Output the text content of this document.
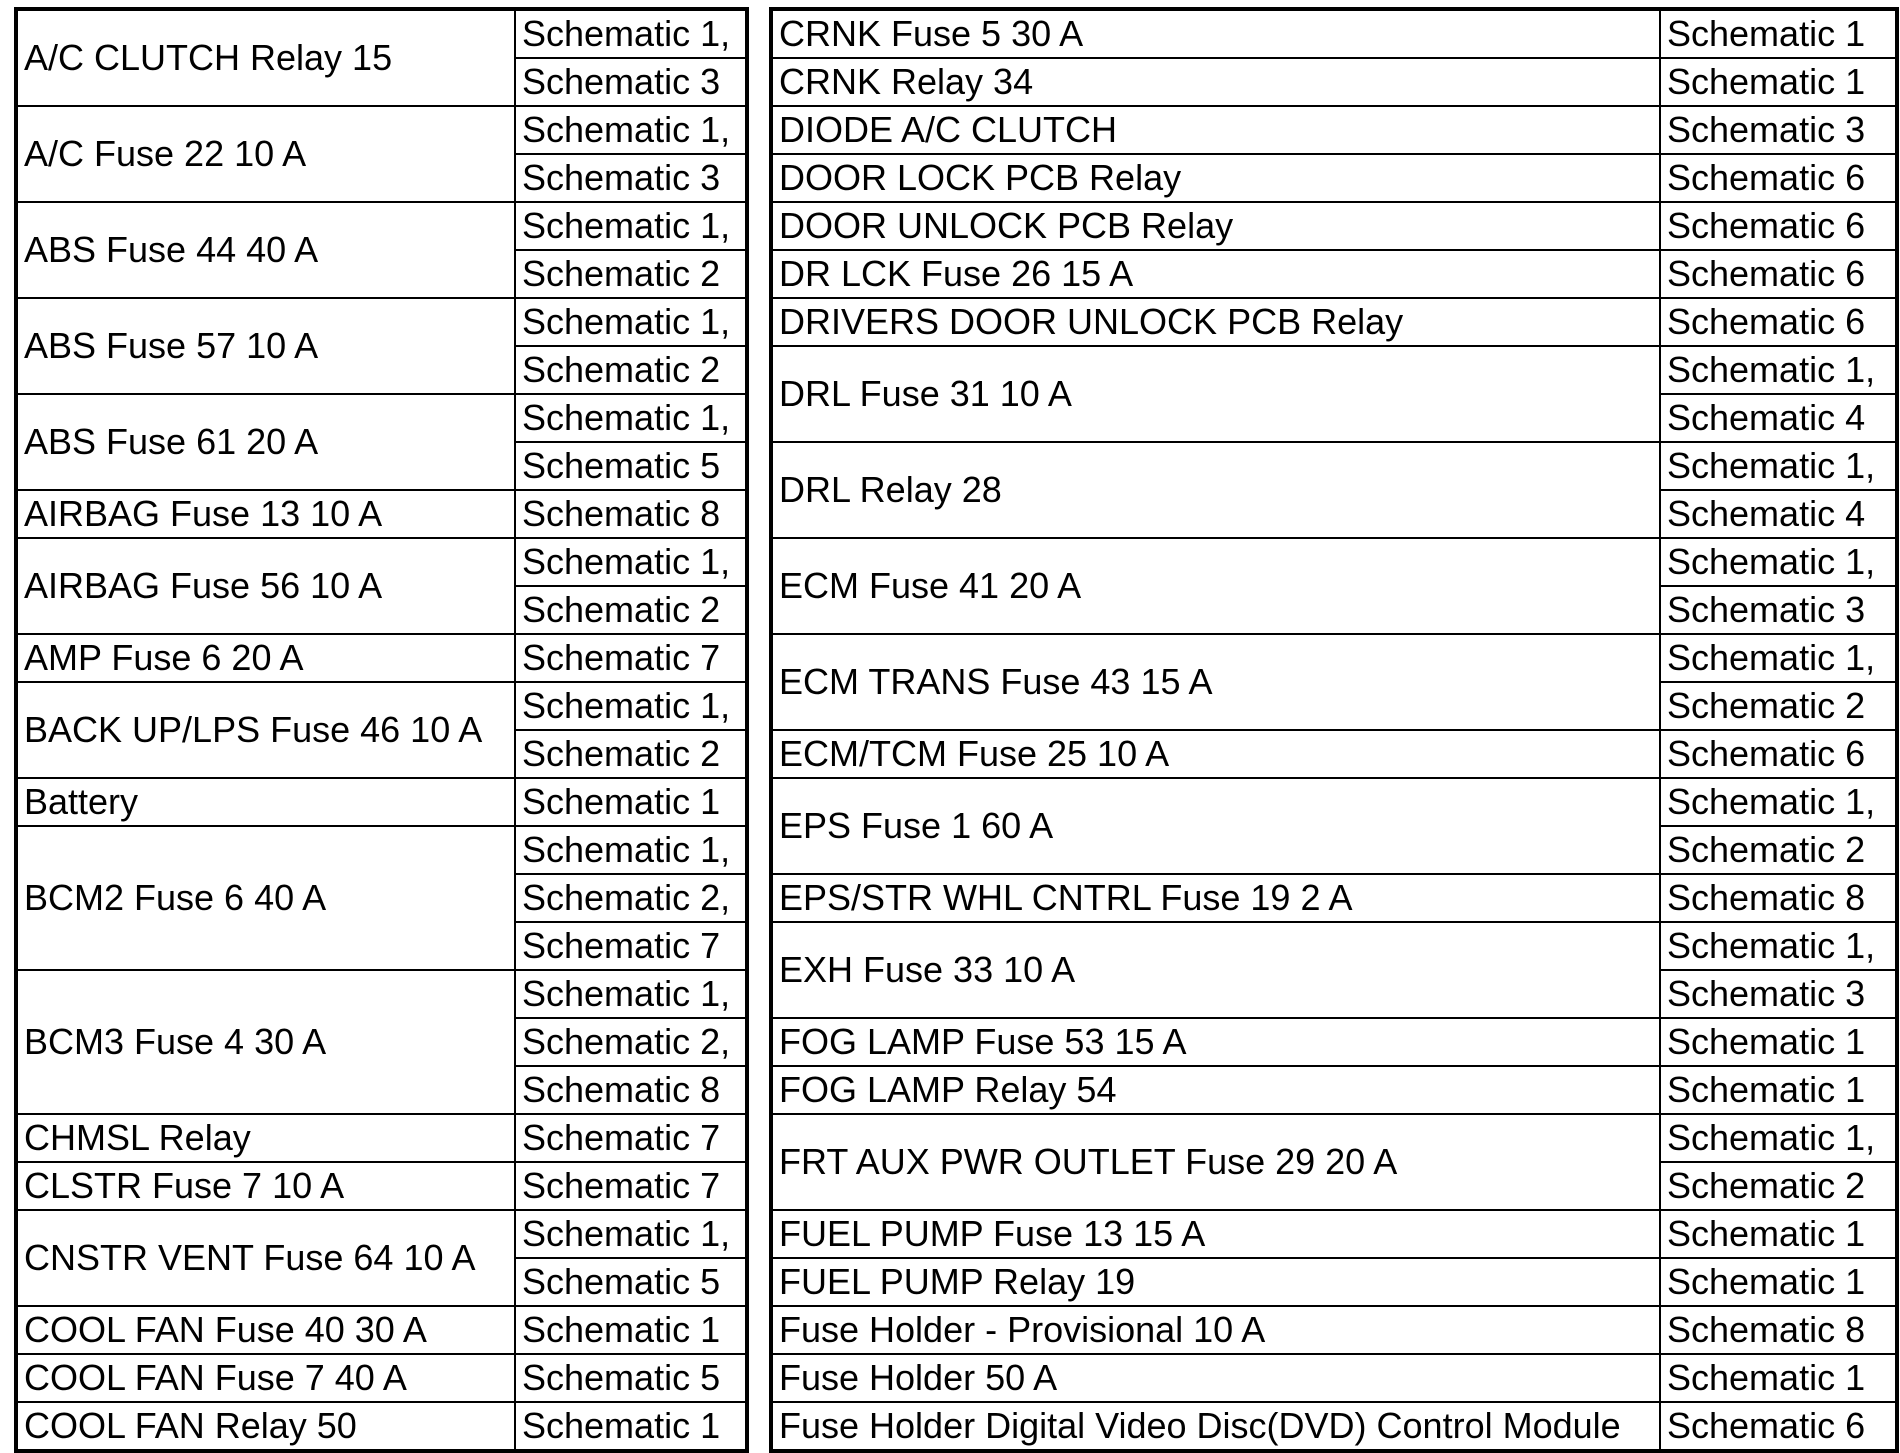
A/C CLUTCH Relay 15	Schematic 1,
	Schematic 3
A/C Fuse 22 10 A	Schematic 1,
	Schematic 3
ABS Fuse 44 40 A	Schematic 1,
	Schematic 2
ABS Fuse 57 10 A	Schematic 1,
	Schematic 2
ABS Fuse 61 20 A	Schematic 1,
	Schematic 5
AIRBAG Fuse 13 10 A	Schematic 8
AIRBAG Fuse 56 10 A	Schematic 1,
	Schematic 2
AMP Fuse 6 20 A	Schematic 7
BACK UP/LPS Fuse 46 10 A	Schematic 1,
	Schematic 2
Battery	Schematic 1
BCM2 Fuse 6 40 A	Schematic 1,
	Schematic 2,
	Schematic 7
BCM3 Fuse 4 30 A	Schematic 1,
	Schematic 2,
	Schematic 8
CHMSL Relay	Schematic 7
CLSTR Fuse 7 10 A	Schematic 7
CNSTR VENT Fuse 64 10 A	Schematic 1,
	Schematic 5
COOL FAN Fuse 40 30 A	Schematic 1
COOL FAN Fuse 7 40 A	Schematic 5
COOL FAN Relay 50	Schematic 1
CRNK Fuse 5 30 A	Schematic 1
CRNK Relay 34	Schematic 1
DIODE A/C CLUTCH	Schematic 3
DOOR LOCK PCB Relay	Schematic 6
DOOR UNLOCK PCB Relay	Schematic 6
DR LCK Fuse 26 15 A	Schematic 6
DRIVERS DOOR UNLOCK PCB Relay	Schematic 6
DRL Fuse 31 10 A	Schematic 1,
	Schematic 4
DRL Relay 28	Schematic 1,
	Schematic 4
ECM Fuse 41 20 A	Schematic 1,
	Schematic 3
ECM TRANS Fuse 43 15 A	Schematic 1,
	Schematic 2
ECM/TCM Fuse 25 10 A	Schematic 6
EPS Fuse 1 60 A	Schematic 1,
	Schematic 2
EPS/STR WHL CNTRL Fuse 19 2 A	Schematic 8
EXH Fuse 33 10 A	Schematic 1,
	Schematic 3
FOG LAMP Fuse 53 15 A	Schematic 1
FOG LAMP Relay 54	Schematic 1
FRT AUX PWR OUTLET Fuse 29 20 A	Schematic 1,
	Schematic 2
FUEL PUMP Fuse 13 15 A	Schematic 1
FUEL PUMP Relay 19	Schematic 1
Fuse Holder - Provisional 10 A	Schematic 8
Fuse Holder 50 A	Schematic 1
Fuse Holder Digital Video Disc(DVD) Control Module	Schematic 6
